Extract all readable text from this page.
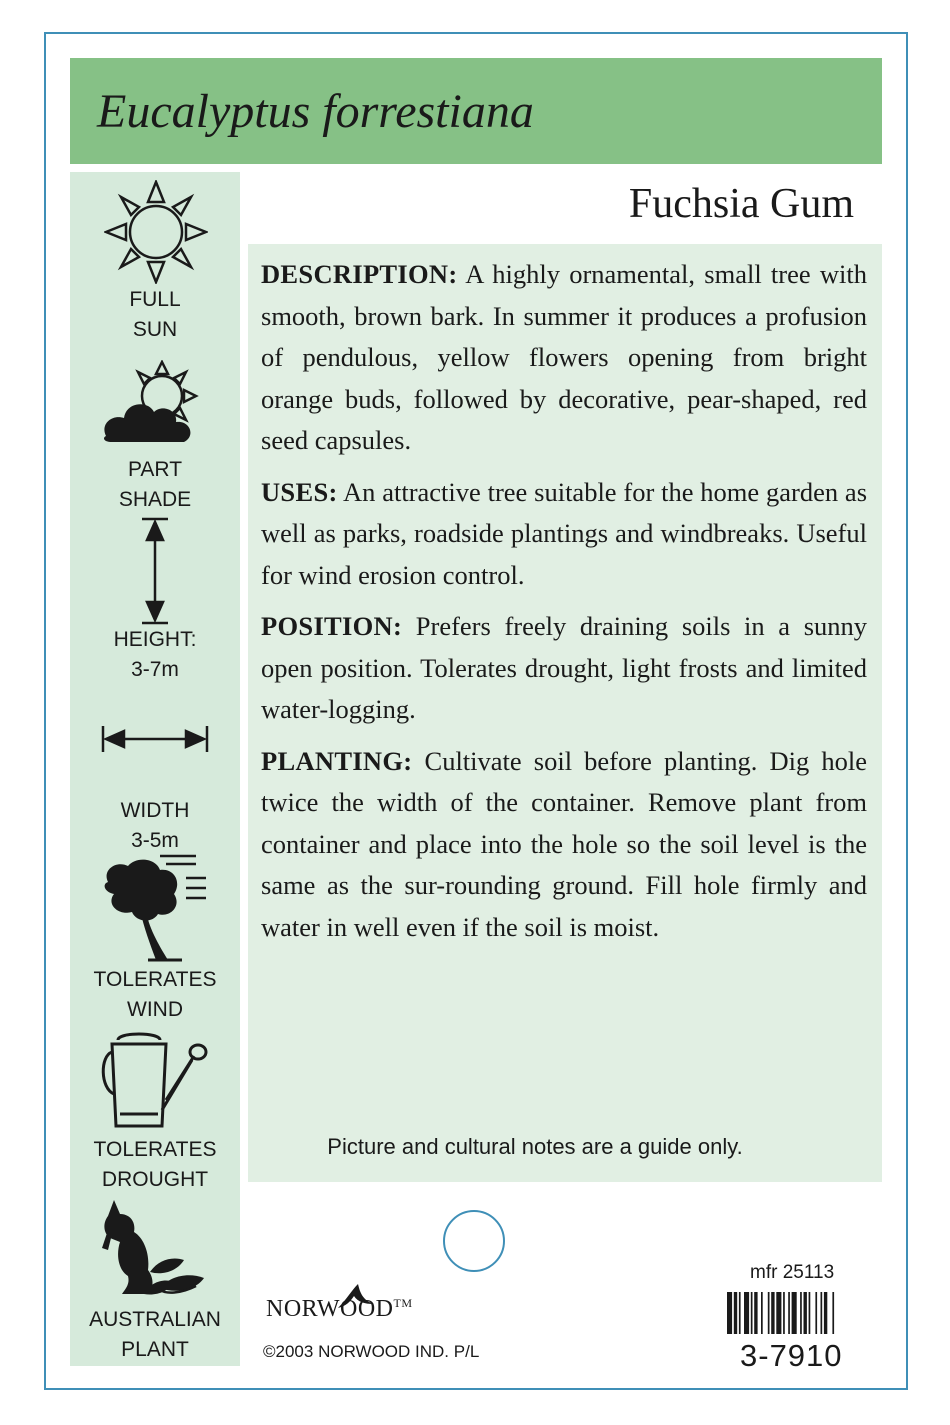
Eucalyptus forrestiana
FULL
SUN
PART
SHADE
HEIGHT:
3-7m
WIDTH
3-5m
TOLERATES
WIND
TOLERATES
DROUGHT
AUSTRALIAN
PLANT
Fuchsia Gum

DESCRIPTION: A highly ornamental, small tree with smooth, brown bark. In summer it produces a profusion of pendulous, yellow flowers opening from bright orange buds, followed by decorative, pear-shaped, red seed capsules.

USES: An attractive tree suitable for the home garden as well as parks, roadside plantings and windbreaks. Useful for wind erosion control.

POSITION: Prefers freely draining soils in a sunny open position. Tolerates drought, light frosts and limited water-logging.

PLANTING: Cultivate soil before planting. Dig hole twice the width of the container. Remove plant from container and place into the hole so the soil level is the same as the sur-rounding ground. Fill hole firmly and water in well even if the soil is moist.

Picture and cultural notes are a guide only.
NORWOOD™
©2003 NORWOOD IND. P/L
mfr 25113
3-7910
